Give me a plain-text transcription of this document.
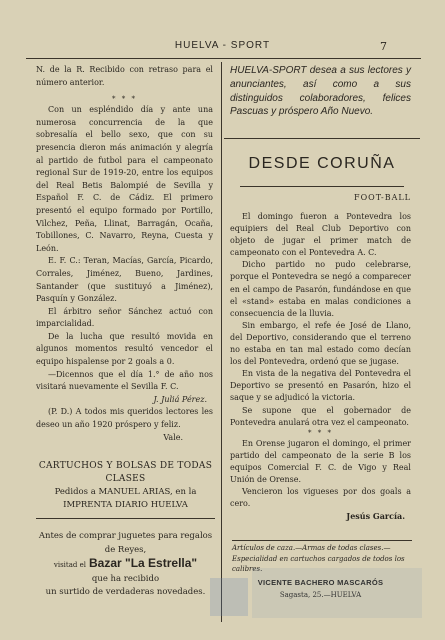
HUELVA - SPORT	7

N. de la R. Recibido con retraso para el número anterior.

* * *

Con un espléndido día y ante una numerosa concurrencia de la que sobresalía el bello sexo, que con su presencia dieron más animación y alegría al partido de futbol para el campeonato regional Sur de 1919-20, entre los equipos del Real Betis Balompié de Sevilla y Español F. C. de Cádiz. El primero presentó el equipo formado por Portillo, Vilchez, Peña, Llinat, Barragán, Ocaña, Tobillones, C. Navarro, Reyna, Cuesta y León.

E. F. C.: Teran, Macías, García, Picardo, Corrales, Jiménez, Bueno, Jardines, Santander (que sustituyó a Jiménez), Pasquín y González.

El árbitro señor Sánchez actuó con imparcialidad.

De la lucha que resultó movida en algunos momentos resultó vencedor el equipo hispalense por 2 goals a 0.

—Dicennos que el día 1.° de año nos visitará nuevamente el Sevilla F. C.

J. Juliá Pérez.

(P. D.) A todos mis queridos lectores les deseo un año 1920 próspero y feliz.

Vale.

CARTUCHOS Y BOLSAS DE TODAS CLASES
Pedidos a MANUEL ARIAS, en la
IMPRENTA DIARIO HUELVA
Antes de comprar juguetes para regalos de Reyes,
visitad el Bazar "La Estrella"
que ha recibido
un surtido de verdaderas novedades.
HUELVA-SPORT desea a sus lectores y anunciantes, así como a sus distinguidos colaboradores, felices Pascuas y próspero Año Nuevo.
DESDE CORUÑA
FOOT-BALL

El domingo fueron a Pontevedra los equipiers del Real Club Deportivo con objeto de jugar el primer match de campeonato con el Pontevedra A. C.

Dicho partido no pudo celebrarse, porque el Pontevedra se negó a comparecer en el campo de Pasarón, fundándose en que el «stand» estaba en malas condiciones a consecuencia de la lluvia.

Sin embargo, el refe ée José de Llano, del Deportivo, considerando que el terreno no estaba en tan mal estado como decían los del Pontevedra, ordenó que se jugase.

En vista de la negativa del Pontevedra el Deportivo se presentó en Pasarón, hizo el saque y se adjudicó la victoria.

Se supone que el gobernador de Pontevedra anulará otra vez el campeonato.

* * *

En Orense jugaron el domingo, el primer partido del campeonato de la serie B los equipos Comercial F. C. de Vigo y Real Unión de Orense.

Vencieron los vigueses por dos goals a cero.

Jesús García.

Artículos de caza.—Armas de todas clases.—Especialidad en cartuchos cargados de todos los calibres.
VICENTE BACHERO MASCARÓS
Sagasta, 25.—HUELVA
